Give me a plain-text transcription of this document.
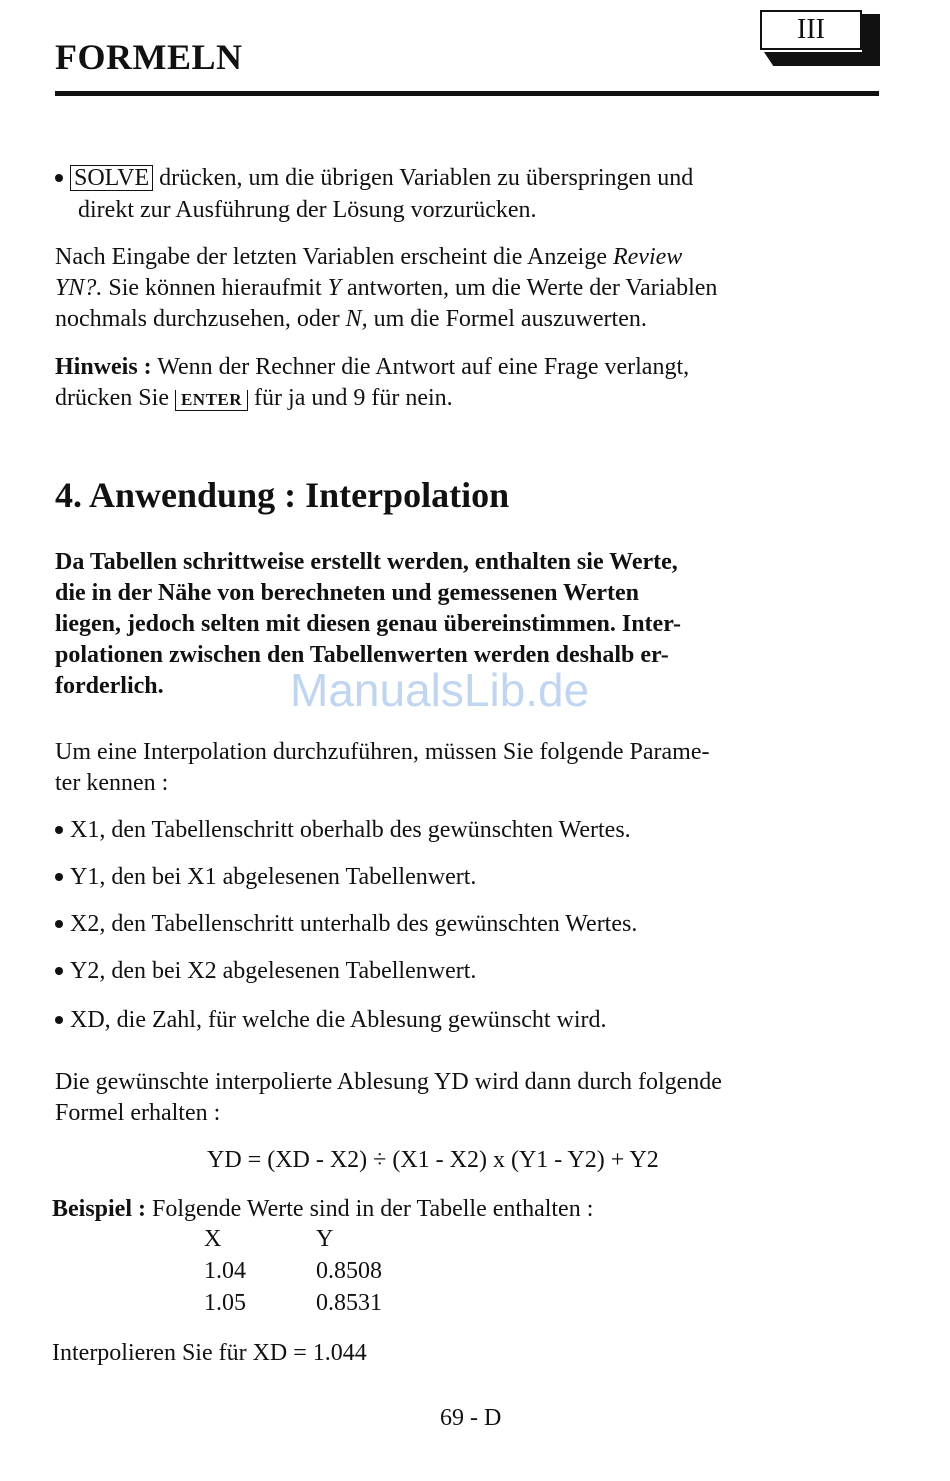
FORMELN
III
SOLVE drücken, um die übrigen Variablen zu überspringen und
direkt zur Ausführung der Lösung vorzurücken.
Nach Eingabe der letzten Variablen erscheint die Anzeige Review
YN?. Sie können hieraufmit Y antworten, um die Werte der Variablen
nochmals durchzusehen, oder N, um die Formel auszuwerten.
Hinweis : Wenn der Rechner die Antwort auf eine Frage verlangt,
drücken Sie ENTER für ja und 9 für nein.
4. Anwendung : Interpolation
Da Tabellen schrittweise erstellt werden, enthalten sie Werte,
die in der Nähe von berechneten und gemessenen Werten
liegen, jedoch selten mit diesen genau übereinstimmen. Inter-
polationen zwischen den Tabellenwerten werden deshalb er-
forderlich.	ManualsLib.de
Um eine Interpolation durchzuführen, müssen Sie folgende Parame-
ter kennen :
X1, den Tabellenschritt oberhalb des gewünschten Wertes.
Y1, den bei X1 abgelesenen Tabellenwert.
X2, den Tabellenschritt unterhalb des gewünschten Wertes.
Y2, den bei X2 abgelesenen Tabellenwert.
XD, die Zahl, für welche die Ablesung gewünscht wird.
Die gewünschte interpolierte Ablesung YD wird dann durch folgende
Formel erhalten :
YD = (XD - X2) ÷ (X1 - X2) x (Y1 - Y2) + Y2
Beispiel : Folgende Werte sind in der Tabelle enthalten :
X	Y
1.04	0.8508
1.05	0.8531
Interpolieren Sie für XD = 1.044
69 - D
